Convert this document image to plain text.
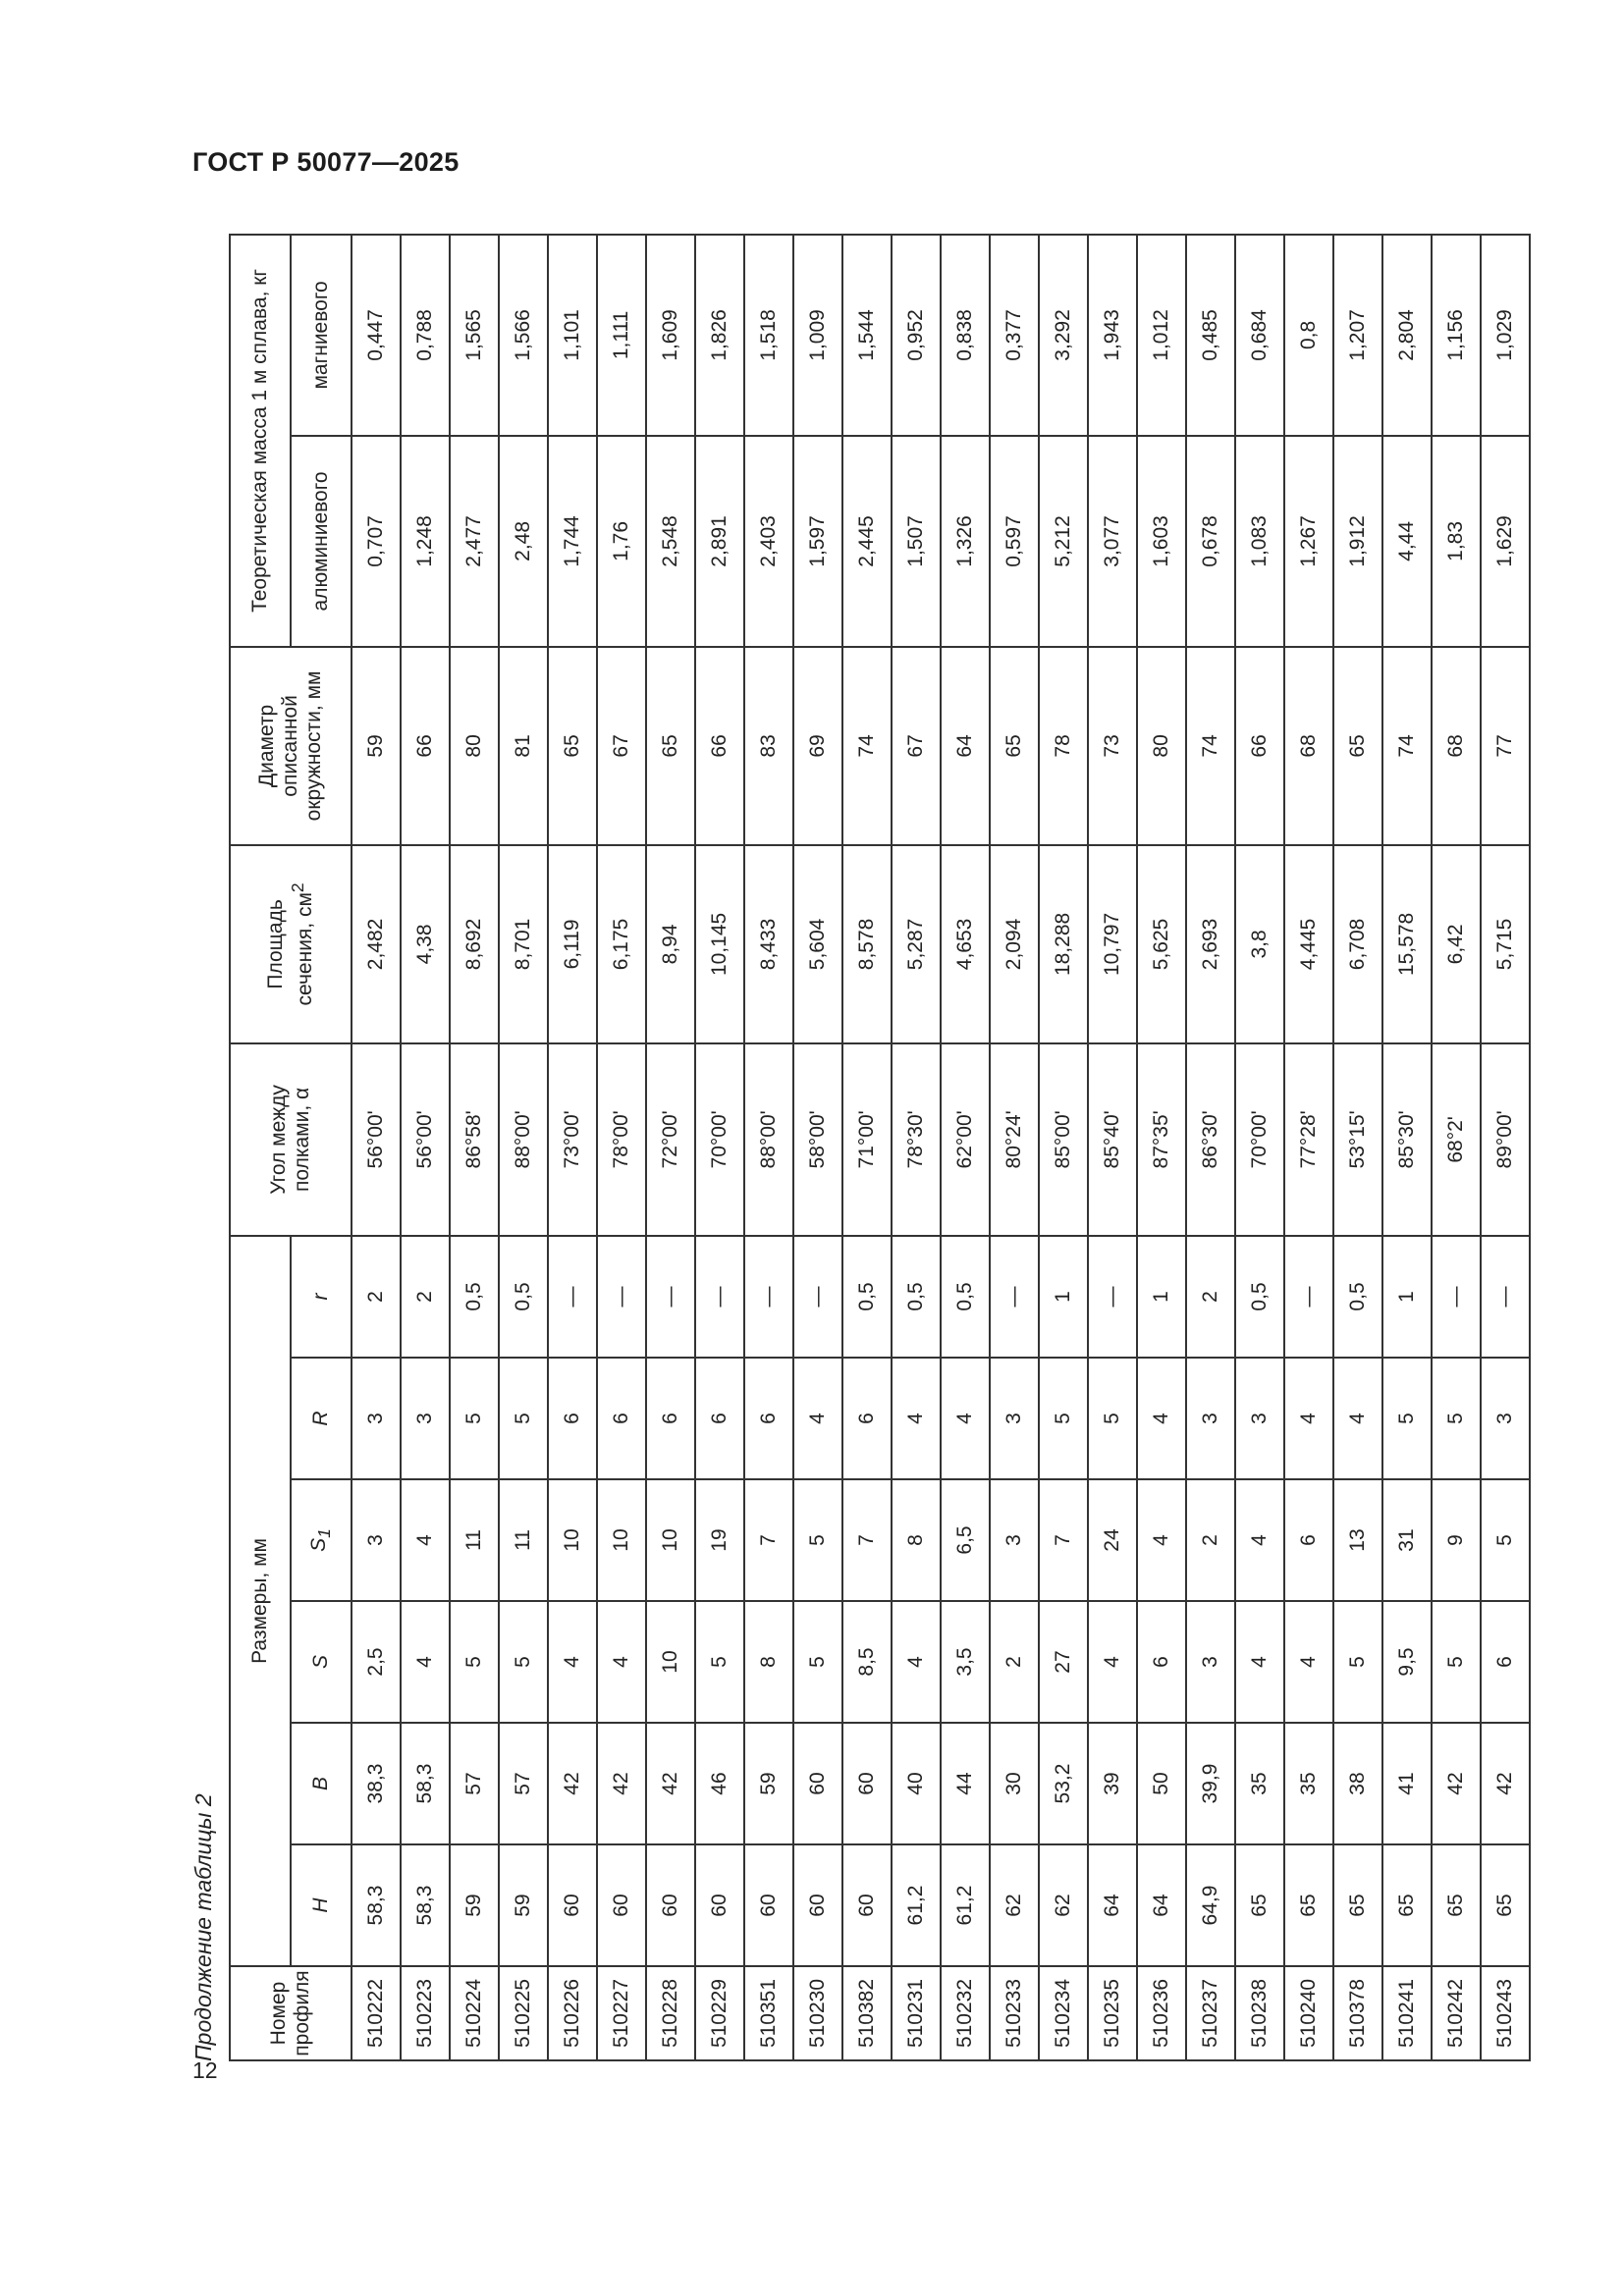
ГОСТ Р 50077—2025
Продолжение таблицы 2 Номер
профиля	Размеры, мм						Угол между
полками, α	Площадь
сечения, $см^2$	Диаметр
описанной
окружности, мм	Теоретическая масса 1 м сплава, кг	
	H	B	S	$S_1$	R	r				алюминиевого	магниевого
510222	58,3	38,3	2,5	3	3	2	56°00'	2,482	59	0,707	0,447
510223	58,3	58,3	4	4	3	2	56°00'	4,38	66	1,248	0,788
510224	59	57	5	11	5	0,5	86°58'	8,692	80	2,477	1,565
510225	59	57	5	11	5	0,5	88°00'	8,701	81	2,48	1,566
510226	60	42	4	10	6	—	73°00'	6,119	65	1,744	1,101
510227	60	42	4	10	6	—	78°00'	6,175	67	1,76	1,111
510228	60	42	10	10	6	—	72°00'	8,94	65	2,548	1,609
510229	60	46	5	19	6	—	70°00'	10,145	66	2,891	1,826
510351	60	59	8	7	6	—	88°00'	8,433	83	2,403	1,518
510230	60	60	5	5	4	—	58°00'	5,604	69	1,597	1,009
510382	60	60	8,5	7	6	0,5	71°00'	8,578	74	2,445	1,544
510231	61,2	40	4	8	4	0,5	78°30'	5,287	67	1,507	0,952
510232	61,2	44	3,5	6,5	4	0,5	62°00'	4,653	64	1,326	0,838
510233	62	30	2	3	3	—	80°24'	2,094	65	0,597	0,377
510234	62	53,2	27	7	5	1	85°00'	18,288	78	5,212	3,292
510235	64	39	4	24	5	—	85°40'	10,797	73	3,077	1,943
510236	64	50	6	4	4	1	87°35'	5,625	80	1,603	1,012
510237	64,9	39,9	3	2	3	2	86°30'	2,693	74	0,678	0,485
510238	65	35	4	4	3	0,5	70°00'	3,8	66	1,083	0,684
510240	65	35	4	6	4	—	77°28'	4,445	68	1,267	0,8
510378	65	38	5	13	4	0,5	53°15'	6,708	65	1,912	1,207
510241	65	41	9,5	31	5	1	85°30'	15,578	74	4,44	2,804
510242	65	42	5	9	5	—	68°2'	6,42	68	1,83	1,156
510243	65	42	6	5	3	—	89°00'	5,715	77	1,629	1,029
12
